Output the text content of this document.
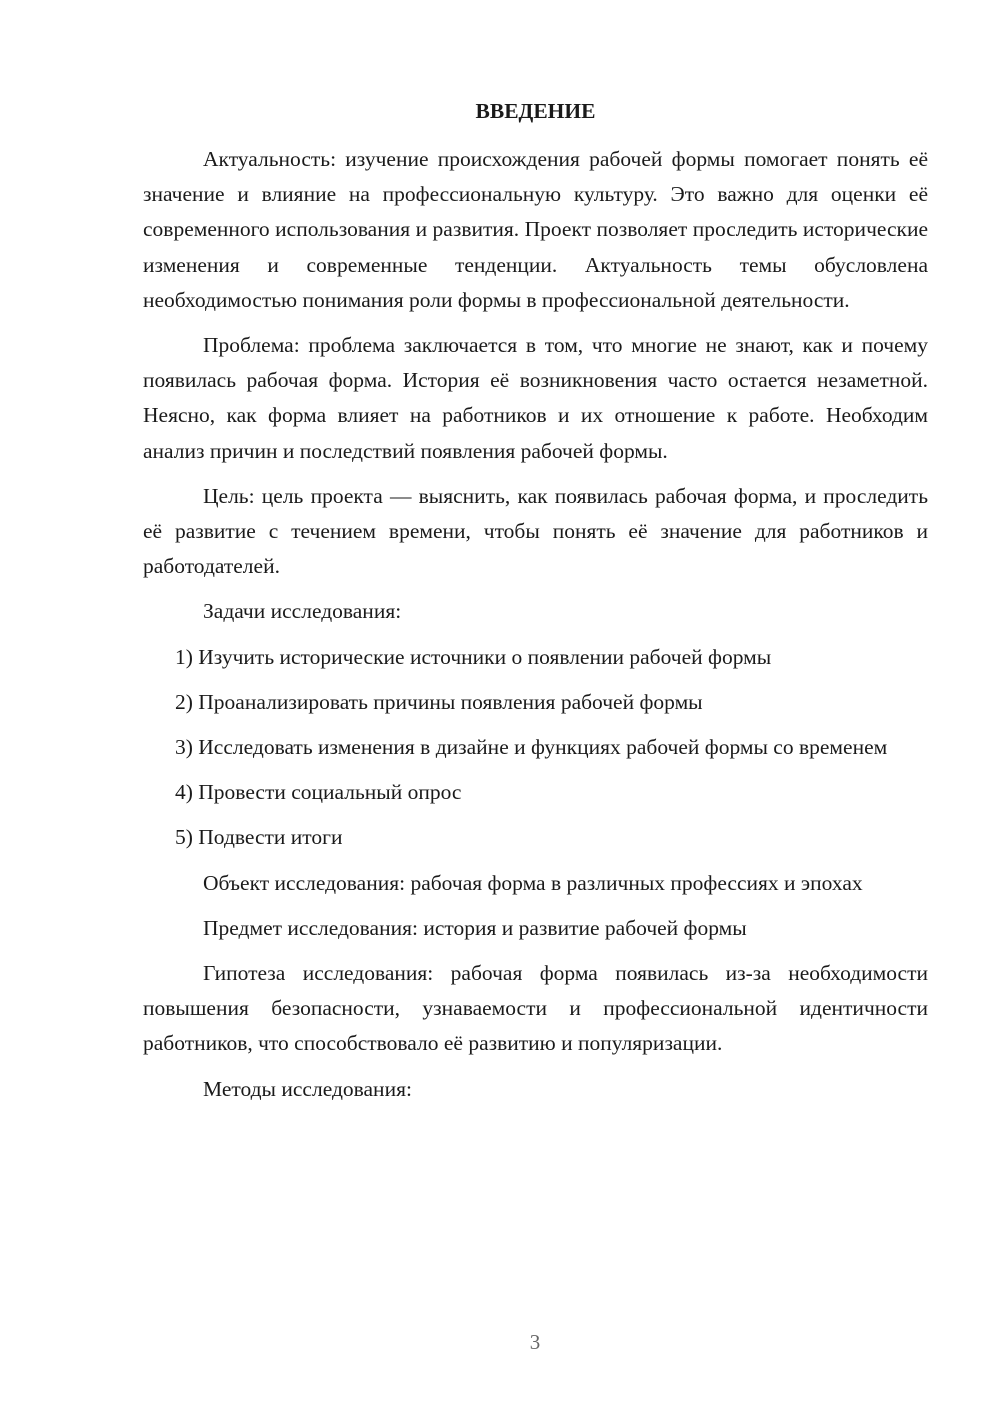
ВВЕДЕНИЕ

Актуальность: изучение происхождения рабочей формы помогает понять её значение и влияние на профессиональную культуру. Это важно для оценки её современного использования и развития. Проект позволяет проследить исторические изменения и современные тенденции. Актуальность темы обусловлена необходимостью понимания роли формы в профессиональной деятельности.

Проблема: проблема заключается в том, что многие не знают, как и почему появилась рабочая форма. История её возникновения часто остается незаметной. Неясно, как форма влияет на работников и их отношение к работе. Необходим анализ причин и последствий появления рабочей формы.

Цель: цель проекта — выяснить, как появилась рабочая форма, и проследить её развитие с течением времени, чтобы понять её значение для работников и работодателей.

Задачи исследования:

1) Изучить исторические источники о появлении рабочей формы

2) Проанализировать причины появления рабочей формы

3) Исследовать изменения в дизайне и функциях рабочей формы со временем

4) Провести социальный опрос

5) Подвести итоги

Объект исследования: рабочая форма в различных профессиях и эпохах

Предмет исследования: история и развитие рабочей формы

Гипотеза исследования: рабочая форма появилась из-за необходимости повышения безопасности, узнаваемости и профессиональной идентичности работников, что способствовало её развитию и популяризации.

Методы исследования:

3
